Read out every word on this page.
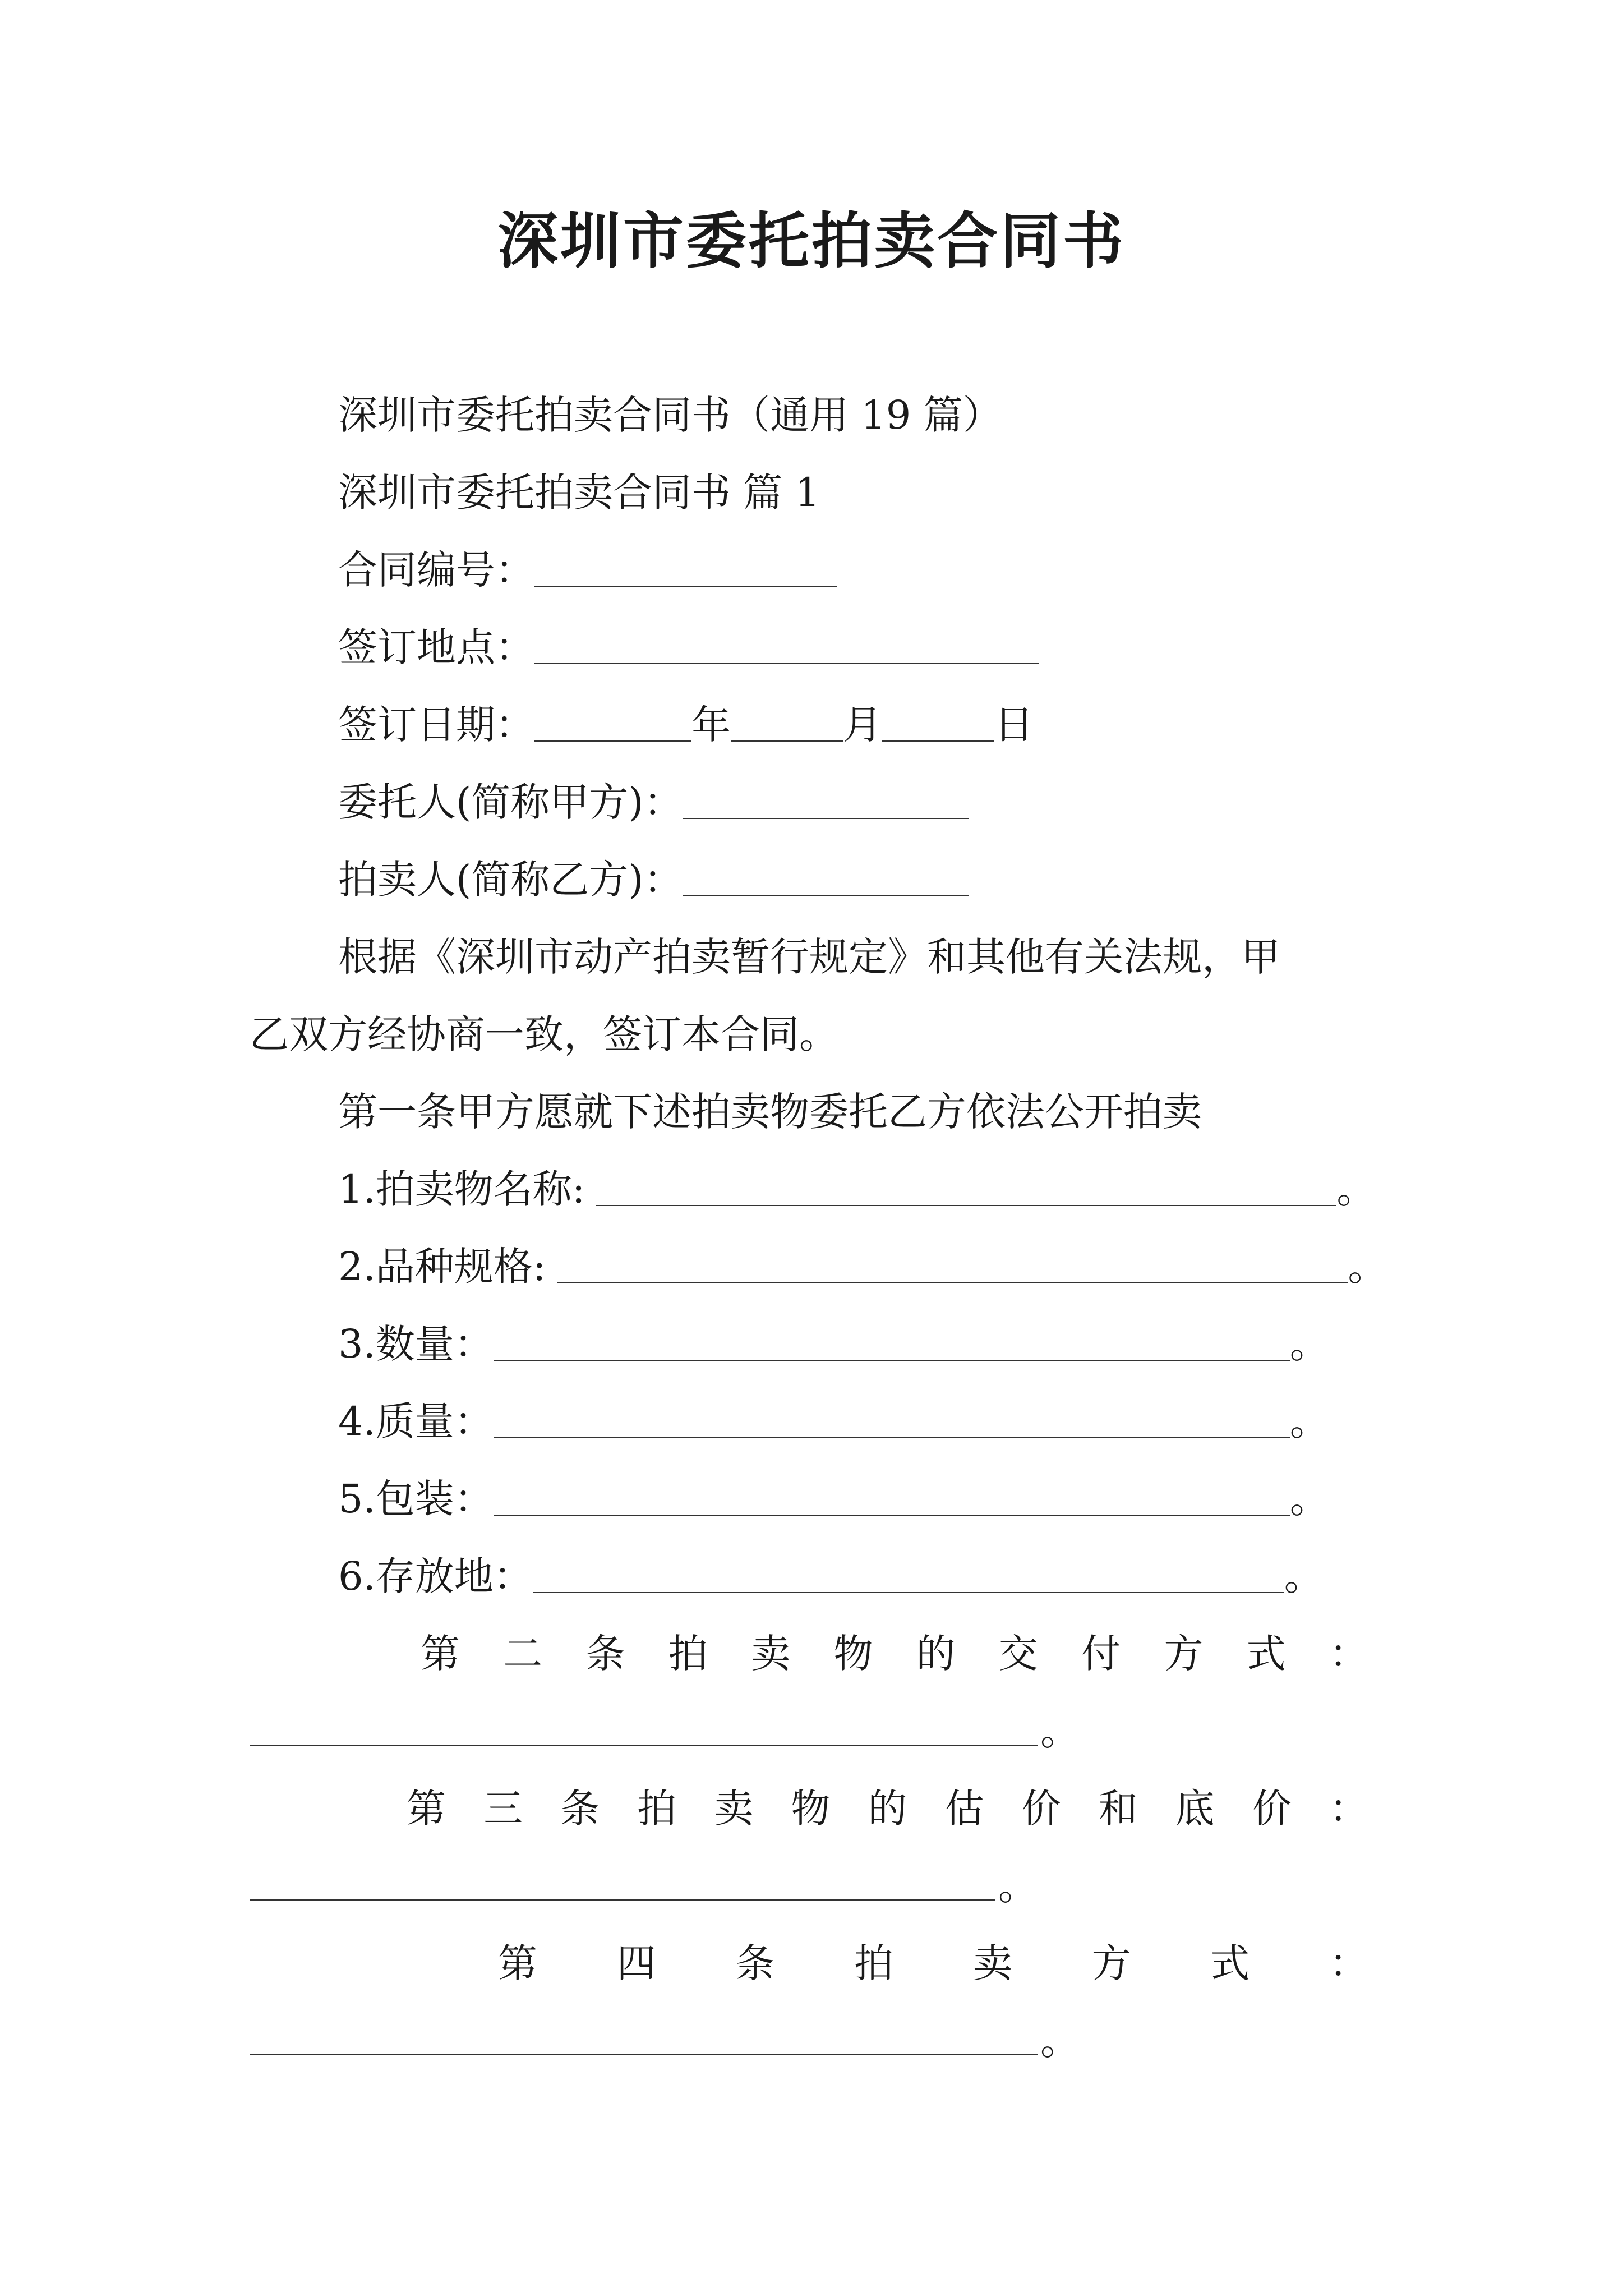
深圳市委托拍卖合同书
深圳市委托拍卖合同书（通用 19 篇）
深圳市委托拍卖合同书 篇 1
合同编号：
签订地点：
签订日期：	年	月	日
委托人(简称甲方)：
拍卖人(简称乙方)：
根据《深圳市动产拍卖暂行规定》和其他有关法规，甲
乙双方经协商一致，签订本合同。
第一条甲方愿就下述拍卖物委托乙方依法公开拍卖
1.拍卖物名称:	。
2.品种规格:	。
3.数量：	。
4.质量：	。
5.包装：	。
6.存放地：	。
第 二 条 拍 卖 物 的 交 付 方 式 ：
。
第 三 条 拍 卖 物 的 估 价 和 底 价 ：
。
第 四 条 拍 卖 方 式 ：
。
